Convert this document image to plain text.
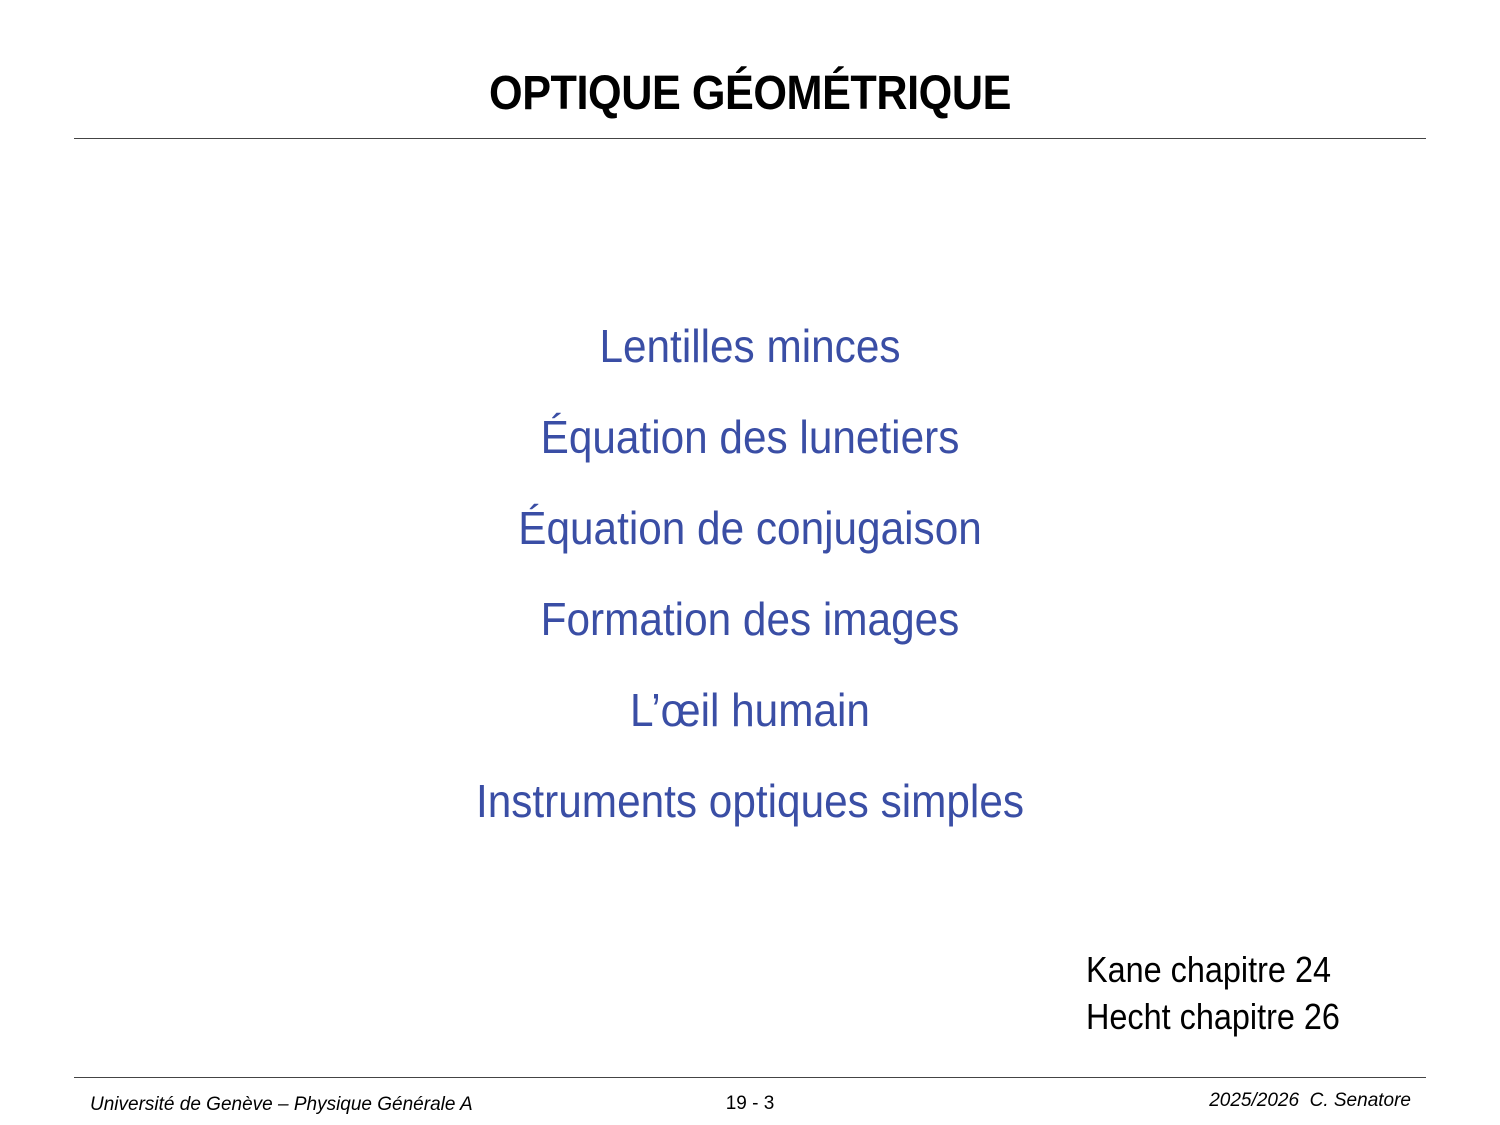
OPTIQUE GÉOMÉTRIQUE
Lentilles minces
Équation des lunetiers
Équation de conjugaison
Formation des images
L’œil humain
Instruments optiques simples
Kane chapitre 24
Hecht chapitre 26
Université de Genève – Physique Générale A	19 - 3	2025/2026  C. Senatore
